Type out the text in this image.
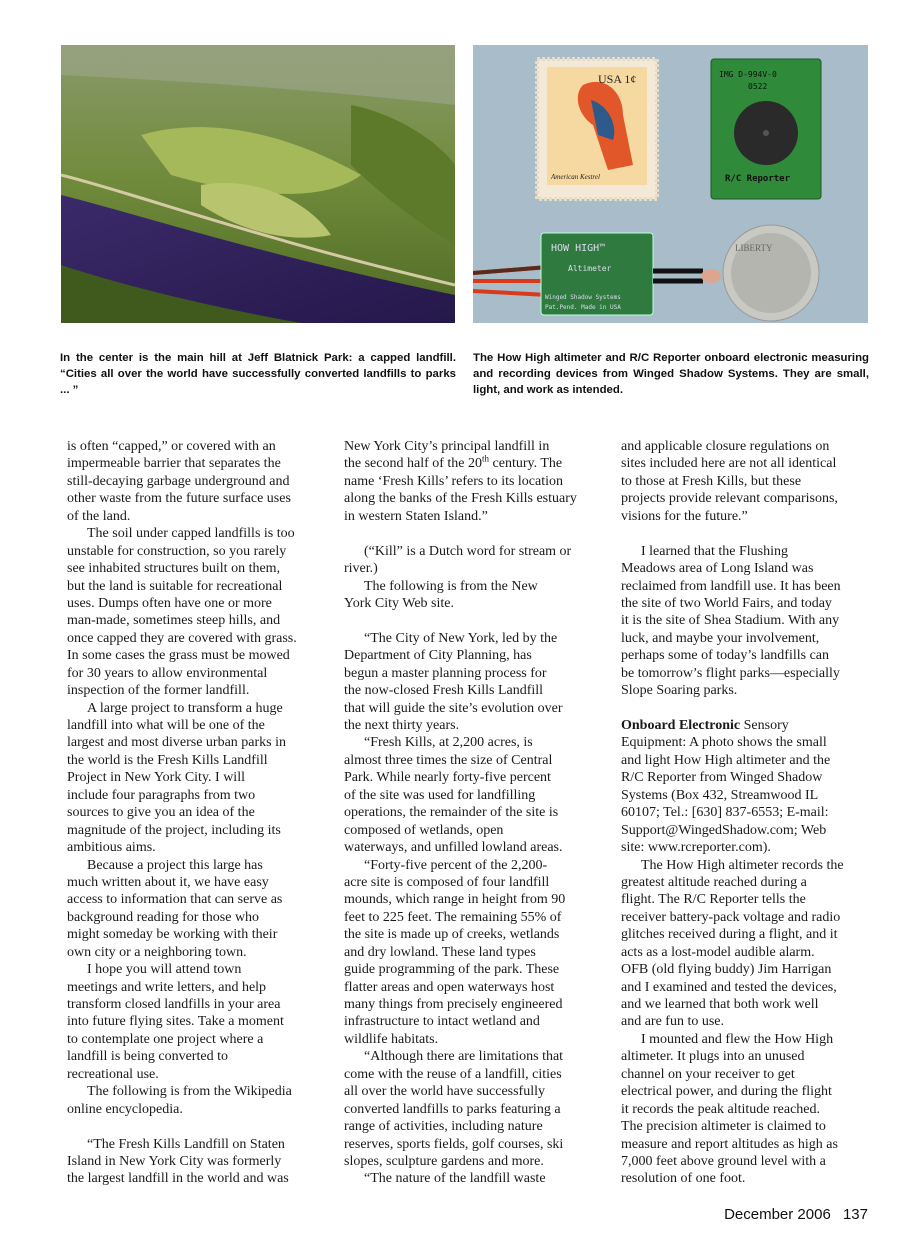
USA 1¢
American Kestrel
IMG D-994V-0
0522
R/C Reporter
HOW HIGH™
Altimeter
Winged Shadow Systems
Pat.Pend. Made in USA
LIBERTY
In the center is the main hill at Jeff Blatnick Park: a capped landfill. “Cities all over the world have successfully converted landfills to parks ... ”
The How High altimeter and R/C Reporter onboard electronic measuring and recording devices from Winged Shadow Systems. They are small, light, and work as intended.
is often “capped,” or covered with an
impermeable barrier that separates the
still-decaying garbage underground and
other waste from the future surface uses
of the land.
The soil under capped landfills is too
unstable for construction, so you rarely
see inhabited structures built on them,
but the land is suitable for recreational
uses. Dumps often have one or more
man-made, sometimes steep hills, and
once capped they are covered with grass.
In some cases the grass must be mowed
for 30 years to allow environmental
inspection of the former landfill.
A large project to transform a huge
landfill into what will be one of the
largest and most diverse urban parks in
the world is the Fresh Kills Landfill
Project in New York City. I will
include four paragraphs from two
sources to give you an idea of the
magnitude of the project, including its
ambitious aims.
Because a project this large has
much written about it, we have easy
access to information that can serve as
background reading for those who
might someday be working with their
own city or a neighboring town.
I hope you will attend town
meetings and write letters, and help
transform closed landfills in your area
into future flying sites. Take a moment
to contemplate one project where a
landfill is being converted to
recreational use.
The following is from the Wikipedia
online encyclopedia.
“The Fresh Kills Landfill on Staten
Island in New York City was formerly
the largest landfill in the world and was
New York City’s principal landfill in
the second half of the 20th century. The
name ‘Fresh Kills’ refers to its location
along the banks of the Fresh Kills estuary
in western Staten Island.”
(“Kill” is a Dutch word for stream or
river.)
The following is from the New
York City Web site.
“The City of New York, led by the
Department of City Planning, has
begun a master planning process for
the now-closed Fresh Kills Landfill
that will guide the site’s evolution over
the next thirty years.
“Fresh Kills, at 2,200 acres, is
almost three times the size of Central
Park. While nearly forty-five percent
of the site was used for landfilling
operations, the remainder of the site is
composed of wetlands, open
waterways, and unfilled lowland areas.
“Forty-five percent of the 2,200-
acre site is composed of four landfill
mounds, which range in height from 90
feet to 225 feet. The remaining 55% of
the site is made up of creeks, wetlands
and dry lowland. These land types
guide programming of the park. These
flatter areas and open waterways host
many things from precisely engineered
infrastructure to intact wetland and
wildlife habitats.
“Although there are limitations that
come with the reuse of a landfill, cities
all over the world have successfully
converted landfills to parks featuring a
range of activities, including nature
reserves, sports fields, golf courses, ski
slopes, sculpture gardens and more.
“The nature of the landfill waste
and applicable closure regulations on
sites included here are not all identical
to those at Fresh Kills, but these
projects provide relevant comparisons,
visions for the future.”
I learned that the Flushing
Meadows area of Long Island was
reclaimed from landfill use. It has been
the site of two World Fairs, and today
it is the site of Shea Stadium. With any
luck, and maybe your involvement,
perhaps some of today’s landfills can
be tomorrow’s flight parks—especially
Slope Soaring parks.
Onboard Electronic Sensory
Equipment: A photo shows the small
and light How High altimeter and the
R/C Reporter from Winged Shadow
Systems (Box 432, Streamwood IL
60107; Tel.: [630] 837-6553; E-mail:
Support@WingedShadow.com; Web
site: www.rcreporter.com).
The How High altimeter records the
greatest altitude reached during a
flight. The R/C Reporter tells the
receiver battery-pack voltage and radio
glitches received during a flight, and it
acts as a lost-model audible alarm.
OFB (old flying buddy) Jim Harrigan
and I examined and tested the devices,
and we learned that both work well
and are fun to use.
I mounted and flew the How High
altimeter. It plugs into an unused
channel on your receiver to get
electrical power, and during the flight
it records the peak altitude reached.
The precision altimeter is claimed to
measure and report altitudes as high as
7,000 feet above ground level with a
resolution of one foot.
December 2006 137
